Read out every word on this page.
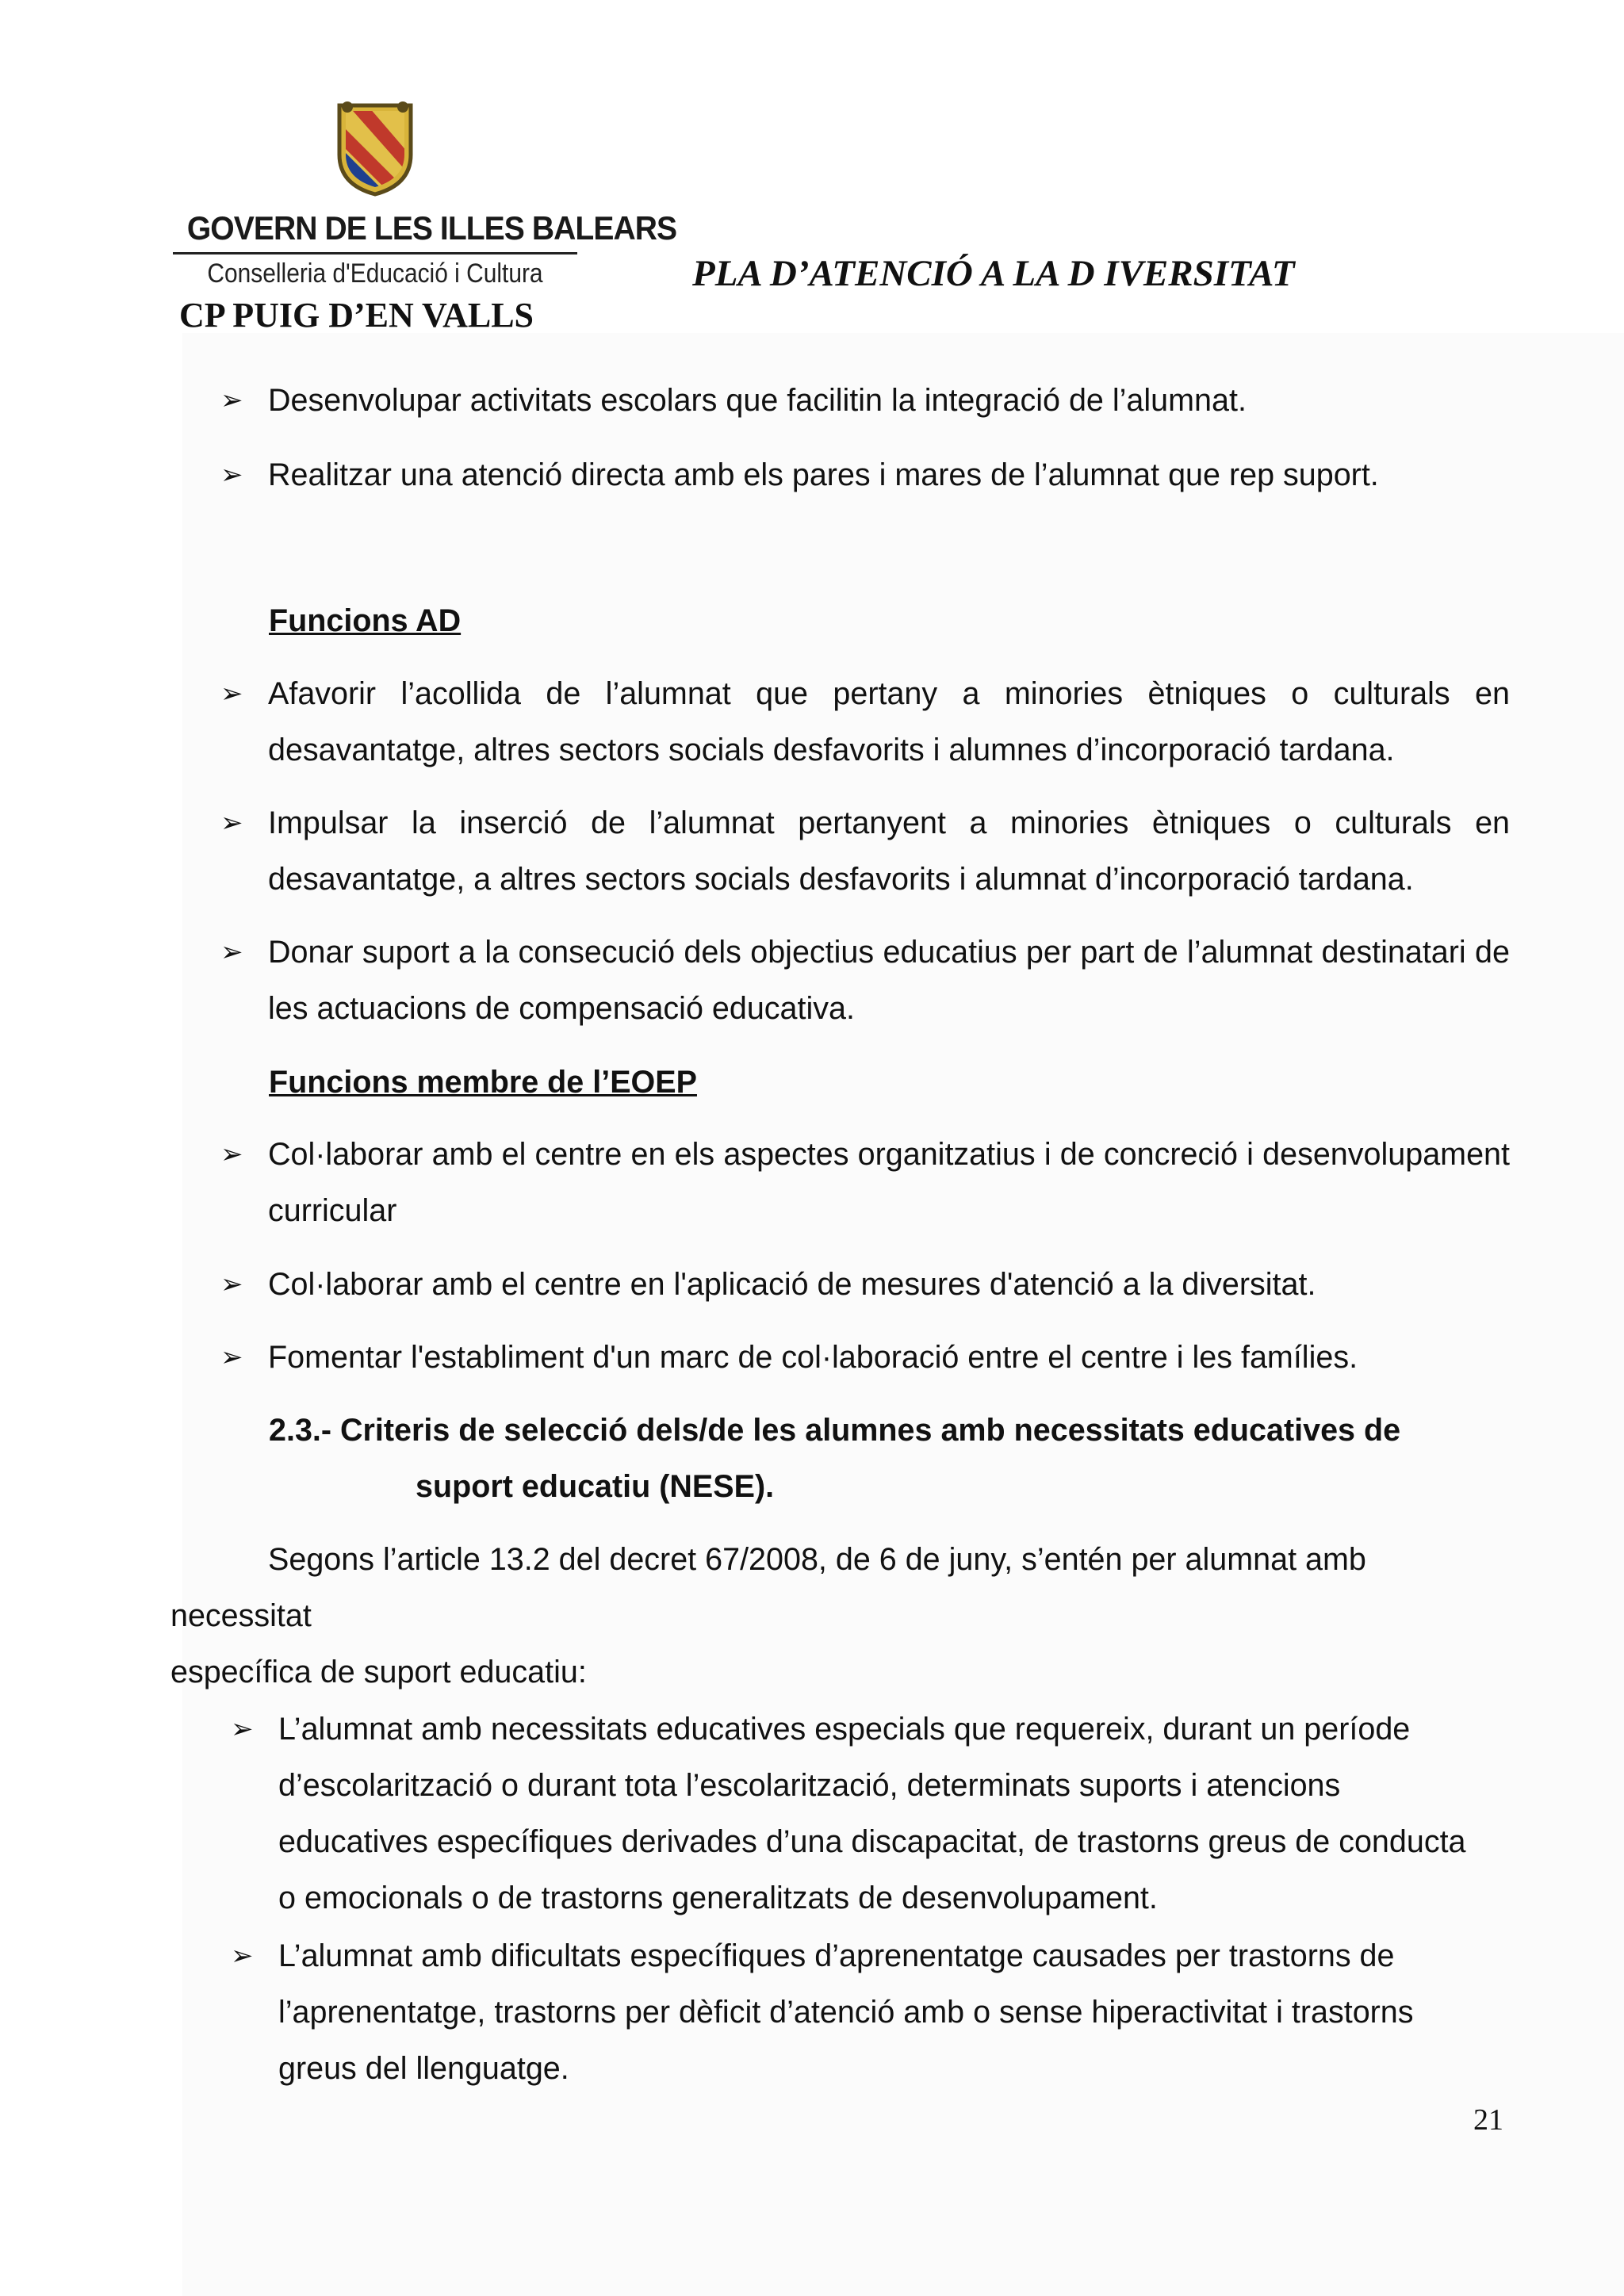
GOVERN DE LES ILLES BALEARS
Conselleria d'Educació i Cultura
CP PUIG D’EN VALLS
PLA D’ATENCIÓ A LA D IVERSITAT
➢ Desenvolupar activitats escolars que facilitin la integració de l’alumnat.
➢ Realitzar una atenció directa amb els pares i mares de l’alumnat que rep suport.
Funcions AD
➢ Afavorir l’acollida de l’alumnat que pertany a minories ètniques o culturals en desavantatge, altres sectors socials desfavorits i alumnes d’incorporació tardana.
➢ Impulsar la inserció de l’alumnat pertanyent a minories ètniques o culturals en desavantatge, a altres sectors socials desfavorits i alumnat d’incorporació tardana.
➢ Donar suport a la consecució dels objectius educatius per part de l’alumnat destinatari de les actuacions de compensació educativa.
Funcions membre de l’EOEP
➢ Col·laborar amb el centre en els aspectes organitzatius i de concreció i desenvolupament curricular
➢ Col·laborar amb el centre en l'aplicació de mesures d'atenció a la diversitat.
➢ Fomentar l'establiment d'un marc de col·laboració entre el centre i les famílies.
2.3.- Criteris de selecció dels/de les alumnes amb necessitats educatives de
suport educatiu (NESE).
Segons l’article 13.2 del decret 67/2008, de 6 de juny, s’entén per alumnat amb
necessitat
específica de suport educatiu:
➢ L’alumnat amb necessitats educatives especials que requereix, durant un període d’escolarització o durant tota l’escolarització, determinats suports i atencions educatives específiques derivades d’una discapacitat, de trastorns greus de conducta o emocionals o de trastorns generalitzats de desenvolupament.
➢ L’alumnat amb dificultats específiques d’aprenentatge causades per trastorns de l’aprenentatge, trastorns per dèficit d’atenció amb o sense hiperactivitat i trastorns greus del llenguatge.
21
